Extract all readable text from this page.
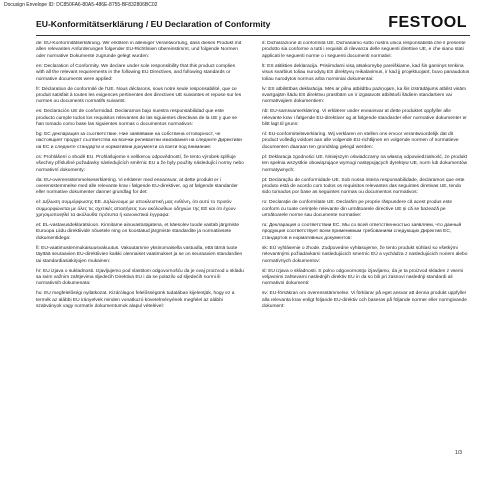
Docusign Envelope ID: DC850FA6-80A5-486E-8755-BF832806BC02
EU-Konformitätserklärung / EU Declaration of Conformity	FESTOOL

de: EU-Konformitätserklärung. Wir erklären in alleiniger Verantwortung, dass dieses Produkt mit allen relevanten Anforderungen folgender EU-Richtlinien übereinstimmt, und folgende Normen oder normative Dokumente zugrunde gelegt wurden:

en: Declaration of Conformity. We declare under sole responsibility that this product complies with all the relevant requirements in the following EU Directives, and following standards or normative documents were applied:

fr: Déclaration de conformité de l'UE. Nous déclarons, sous notre seule responsabilité, que ce produit satisfait à toutes les exigences pertinentes des directives UE suivantes et repose sur les normes ou documents normatifs suivants:

es: Declaración UE de conformidad. Declaramos bajo nuestra responsabilidad que este producto cumple todos los requisitos relevantes de las siguientes directivas de la UE y que se han tomado como base las siguientes normas o documentos normativos:

bg: ЕС декларация за съответствие. Ние заявяваме на собствена отговорност, че настоящият продукт съответства на всички релевантни изисквания на следните Директиви на ЕС и следните стандарти и нормативни документи са взети под внимание:

cs: Prohlášení o shodě EU. Prohlašujeme s veškerou odpovědností, že tento výrobek splňuje všechny příslušné požadavky následujících směrnic EU a že byly použity následující normy nebo normativní dokumenty:

da: EU-overensstemmelseserklæring. Vi erklærer med eneansvar, at dette produkt er i overensstemmelse med alle relevante krav i følgende EU-direktiver, og at følgende standarder eller normative dokumenter danner grundlag for det:

el: Δήλωση συμμόρφωσης ΕΕ. Δηλώνουμε με αποκλειστική μας ευθύνη, ότι αυτό το προϊόν συμμορφώνεται με όλες τις σχετικές απαιτήσεις των ακόλουθων οδηγιών της ΕΕ και ότι έχουν χρησιμοποιηθεί τα ακόλουθα πρότυπα ή κανονιστικά έγγραφα:

et: EL-vastavusdeklaratsioon. Kinnitame ainuvastutajatena, et käesolev toode vastab järgmiste Euroopa Liidu direktiivide nõuetele ning on koostatud järgmiste standardite ja normatiivsete dokumentidega:

fi: EU-vaatimustenmukaisuusvakuutus. Vakuutamme yksinomaisella vastuulla, että tämä tuote täyttää seuraavien EU-direktiivien kaikki olennaiset vaatimukset ja se on seuraavien standardien tai standardiasiakirjojen mukainen:

hr: EU izjava o sukladnosti. Izjavljujemo pod vlastitom odgovornošću da je ovaj proizvod u skladu sa svim važnim zahtjevima sljedećih Direktiva EU i da se polazilo od sljedećih normi ili normativnih dokumenata:

hu: EU megfelelőségi nyilatkozat. Kizárólagos felelősségünk tudatában kijelentjük, hogy ez a termék az alábbi EU irányelvek minden vonatkozó követelményének megfelel az alábbi szabványok vagy normatív dokumentumok alapul vételével:

it: Dichiarazione di conformità UE. Dichiariamo sotto nostra unica responsabilità che il presente prodotto sia conforme a tutti i requisiti di rilevanza delle seguenti direttive UE, e che siano stati applicati le seguenti norme o i seguenti documenti normativi:

lt: ES atitikties deklaracija. Prisiimdami visą atsakomybę pareiškiame, kad šis gaminys tenkina visus svarbius toliau nurodytų ES direktyvų reikalavimus, ir kad jį projektuojant, buvo panaudotos toliau nurodytos normos arba norminiai dokumentai:

lv: ES atbilstības deklarācija. Mēs ar pilnu atbildību paziņojam, ka šis izstrādājums atbilst visām svarīgajām šādu ES direktīvu prasībām un ir izgatavots atbilstoši šādiem standartiem vai normatīvajiem dokumentiem:

nb: EU-samsvarserklæring. Vi erklærer under eneansvar at dette produktet oppfyller alle relevante krav i følgende EU-direktiver og at følgende standarder eller normative dokumenter er blitt lagt til grunn:

nl: EU-conformiteitsverklaring. Wij verklaren en stellen ons ervoor verantwoordelijk dat dit product volledig voldoet aan alle volgende EU-richtlijnen en volgende normen of normatieve documenten daaraan ten grondslag gelegd werden:

pl: Deklaracja zgodności UE. Niniejszym oświadczamy na własną odpowiedzialność, że produkt ten spełnia wszystkie obowiązujące wymogi następujących dyrektyw UE, norm lub dokumentów normatywnych:

pt: Declaração de conformidade UE. Sob nossa inteira responsabilidade, declaramos que este produto está de acordo com todos os requisitos relevantes das seguintes diretivas UE, tendo sido tomados por base as seguintes normas ou documentos normativos:

ro: Declarație de conformitate UE. Declarăm pe proprie răspundere că acest produs este conform cu toate cerințele relevante din următoarele directive UE și că se bazează pe următoarele norme sau documente normative:

ru: Декларация о соответствии ЕС. Мы со всей ответственностью заявляем, что данный продукция соответствует всем применимым требованиям следующих Директив ЕС, стандартов и нормативных документов:

sk: EÚ vyhlásenie o zhode. Zodpovedne vyhlasujeme, že tento produkt súhlasí so všetkými relevantnými požiadavkami nasledujúcich smerníc EÚ a vychádza z nasledujúcich noriem alebo normatívnych dokumentov:

sl: EU izjava o skladnosti. S polno odgovornostjo izjavljamo, da je ta proizvod skladen z vsemi veljavnimi zahtevami naslednjih direktiv EU in da so bili pri zasnovi naslednji standardi ali normativni dokumenti:

sv: EU-försäkran om överensstämmelse. Vi förklarar på eget ansvar att denna produkt uppfyller alla relevanta krav enligt följande EU-direktiv och baseras på följande normer eller normgivande dokument:

1/3
